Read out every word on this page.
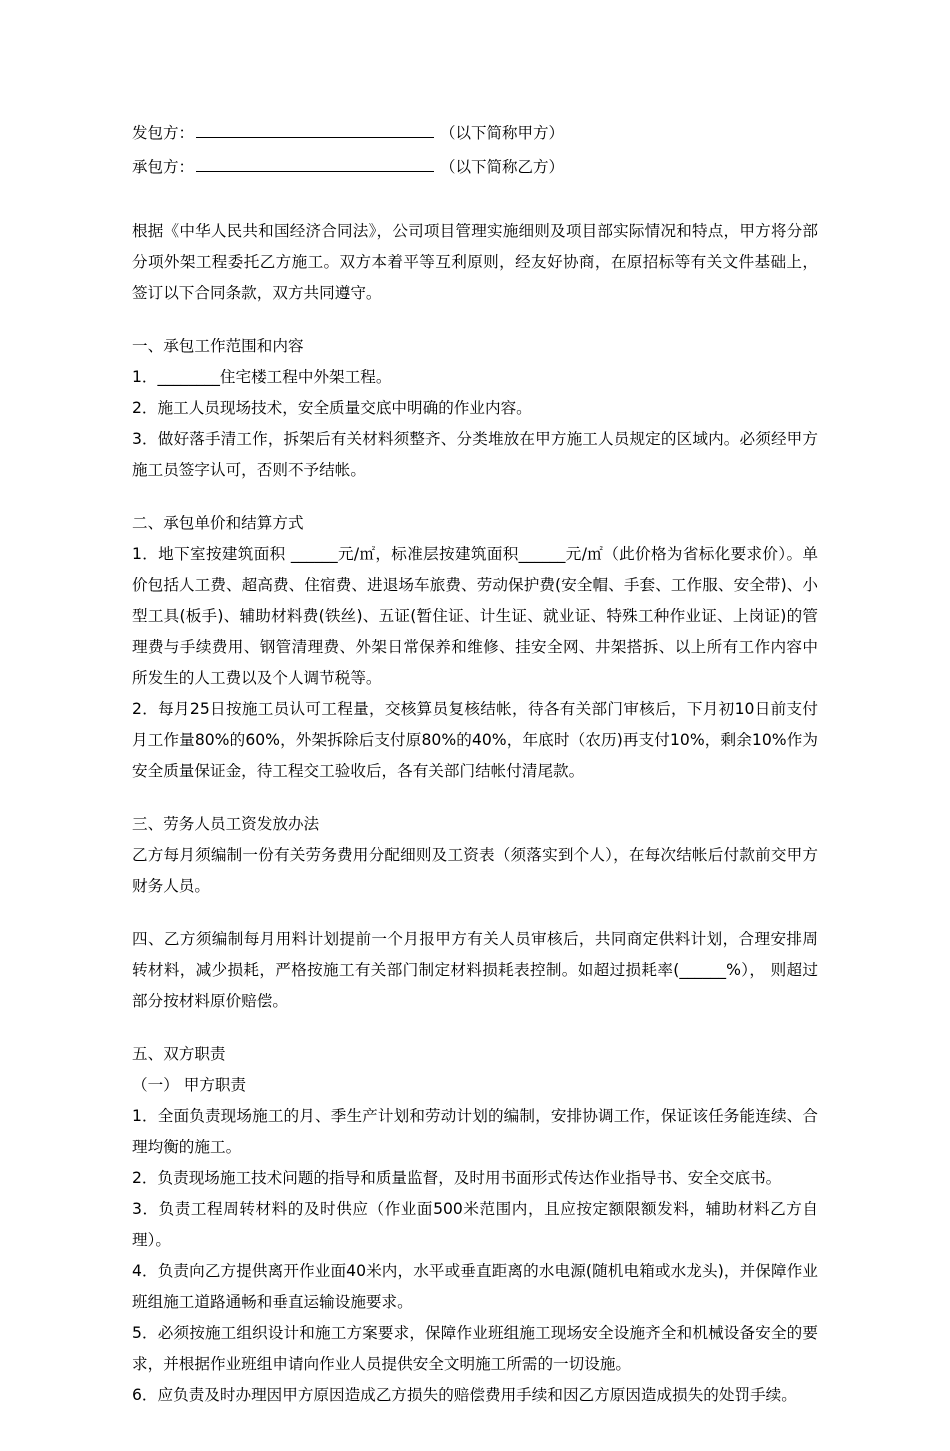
发包方：	（以下简称甲方）
承包方：	（以下简称乙方）

根据《中华人民共和国经济合同法》，公司项目管理实施细则及项目部实际情况和特点，甲方将分部分项外架工程委托乙方施工。双方本着平等互利原则，经友好协商，在原招标等有关文件基础上，签订以下合同条款，双方共同遵守。

一、承包工作范围和内容

1．________住宅楼工程中外架工程。

2．施工人员现场技术，安全质量交底中明确的作业内容。

3．做好落手清工作，拆架后有关材料须整齐、分类堆放在甲方施工人员规定的区域内。必须经甲方施工员签字认可，否则不予结帐。

二、承包单价和结算方式

1．地下室按建筑面积 ______元/㎡，标准层按建筑面积______元/㎡（此价格为省标化要求价）。单价包括人工费、超高费、住宿费、进退场车旅费、劳动保护费(安全帽、手套、工作服、安全带)、小型工具(板手)、辅助材料费(铁丝)、五证(暂住证、计生证、就业证、特殊工种作业证、上岗证)的管理费与手续费用、钢管清理费、外架日常保养和维修、挂安全网、井架搭拆、以上所有工作内容中所发生的人工费以及个人调节税等。

2．每月25日按施工员认可工程量，交核算员复核结帐，待各有关部门审核后，下月初10日前支付月工作量80%的60%，外架拆除后支付原80%的40%，年底时（农历)再支付10%，剩余10%作为安全质量保证金，待工程交工验收后，各有关部门结帐付清尾款。

三、劳务人员工资发放办法

乙方每月须编制一份有关劳务费用分配细则及工资表（须落实到个人），在每次结帐后付款前交甲方财务人员。

四、乙方须编制每月用料计划提前一个月报甲方有关人员审核后，共同商定供料计划，合理安排周转材料，减少损耗，严格按施工有关部门制定材料损耗表控制。如超过损耗率(______%）， 则超过部分按材料原价赔偿。

五、双方职责

（一） 甲方职责

1．全面负责现场施工的月、季生产计划和劳动计划的编制，安排协调工作，保证该任务能连续、合理均衡的施工。

2．负责现场施工技术问题的指导和质量监督，及时用书面形式传达作业指导书、安全交底书。

3．负责工程周转材料的及时供应（作业面500米范围内，且应按定额限额发料，辅助材料乙方自理）。

4．负责向乙方提供离开作业面40米内，水平或垂直距离的水电源(随机电箱或水龙头)，并保障作业班组施工道路通畅和垂直运输设施要求。

5．必须按施工组织设计和施工方案要求，保障作业班组施工现场安全设施齐全和机械设备安全的要求，并根据作业班组申请向作业人员提供安全文明施工所需的一切设施。

6．应负责及时办理因甲方原因造成乙方损失的赔偿费用手续和因乙方原因造成损失的处罚手续。
